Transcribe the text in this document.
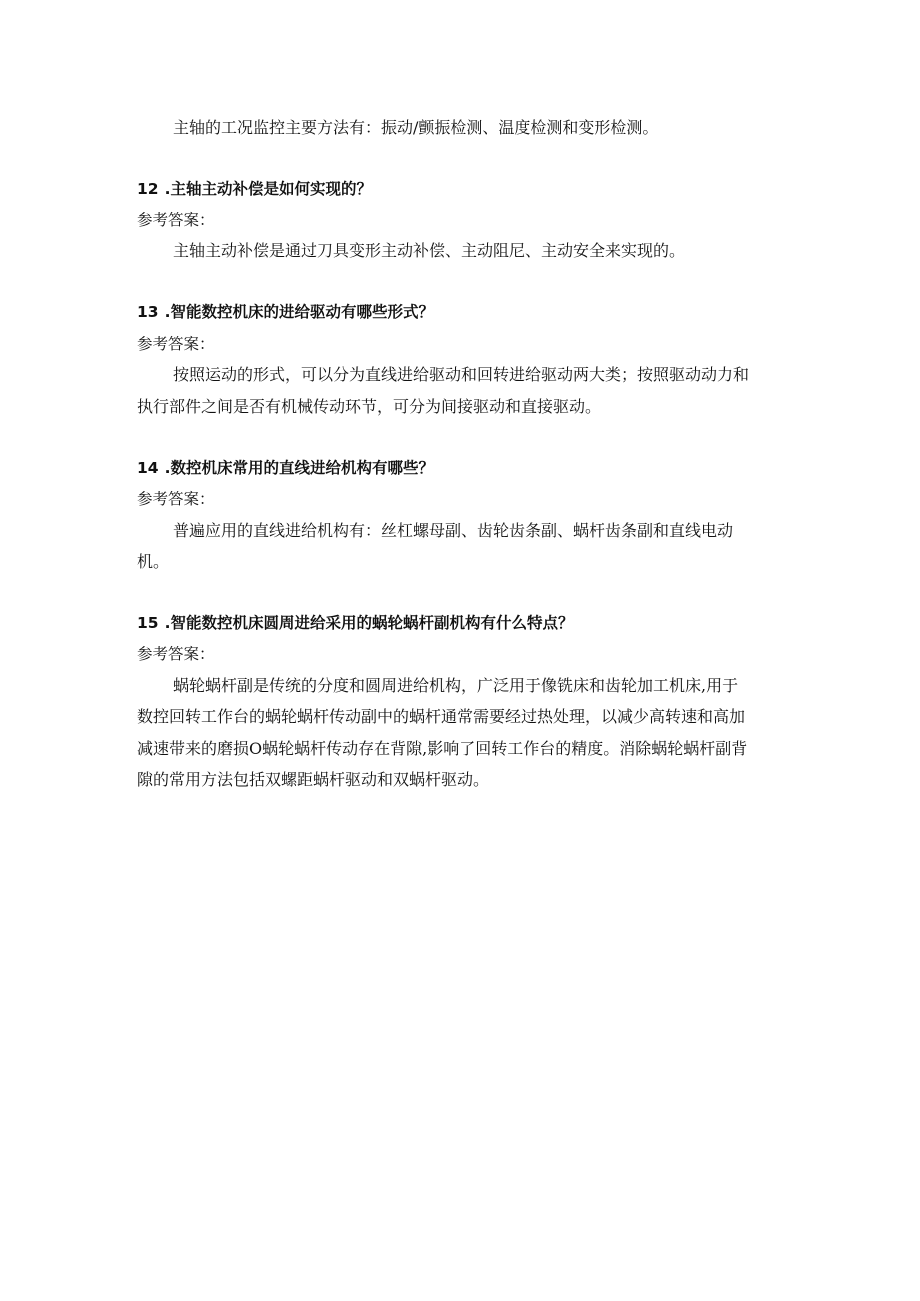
主轴的工况监控主要方法有：振动/颤振检测、温度检测和变形检测。
12 .主轴主动补偿是如何实现的？
参考答案：
主轴主动补偿是通过刀具变形主动补偿、主动阻尼、主动安全来实现的。
13 .智能数控机床的进给驱动有哪些形式？
参考答案：
按照运动的形式，可以分为直线进给驱动和回转进给驱动两大类；按照驱动动力和
执行部件之间是否有机械传动环节，可分为间接驱动和直接驱动。
14 .数控机床常用的直线进给机构有哪些？
参考答案：
普遍应用的直线进给机构有：丝杠螺母副、齿轮齿条副、蜗杆齿条副和直线电动
机。
15 .智能数控机床圆周进给采用的蜗轮蜗杆副机构有什么特点？
参考答案：
蜗轮蜗杆副是传统的分度和圆周进给机构，广泛用于像铣床和齿轮加工机床,用于
数控回转工作台的蜗轮蜗杆传动副中的蜗杆通常需要经过热处理，以减少高转速和高加
减速带来的磨损O蜗轮蜗杆传动存在背隙,影响了回转工作台的精度。消除蜗轮蜗杆副背
隙的常用方法包括双螺距蜗杆驱动和双蜗杆驱动。
